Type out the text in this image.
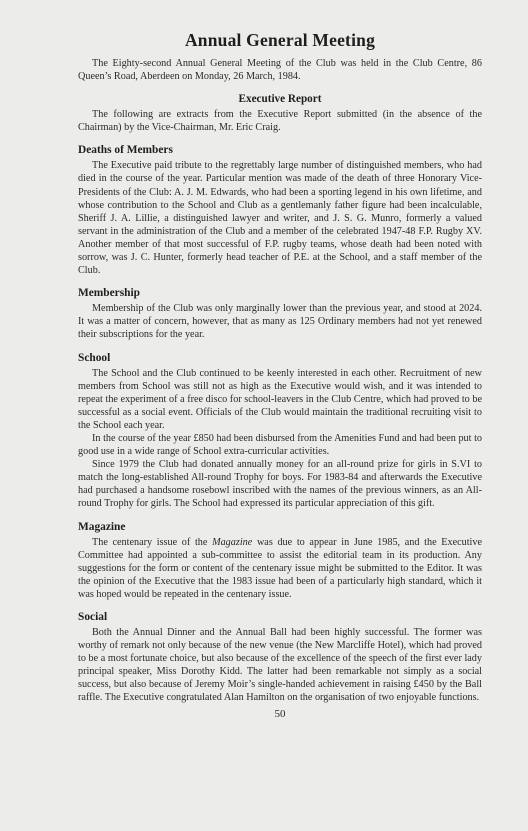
Annual General Meeting

The Eighty-second Annual General Meeting of the Club was held in the Club Centre, 86 Queen’s Road, Aberdeen on Monday, 26 March, 1984.

Executive Report

The following are extracts from the Executive Report submitted (in the absence of the Chairman) by the Vice-Chairman, Mr. Eric Craig.

Deaths of Members

The Executive paid tribute to the regrettably large number of distinguished members, who had died in the course of the year. Particular mention was made of the death of three Honorary Vice-Presidents of the Club: A. J. M. Edwards, who had been a sporting legend in his own lifetime, and whose contribution to the School and Club as a gentlemanly father figure had been incalculable, Sheriff J. A. Lillie, a distinguished lawyer and writer, and J. S. G. Munro, formerly a valued servant in the administration of the Club and a member of the celebrated 1947-48 F.P. Rugby XV. Another member of that most successful of F.P. rugby teams, whose death had been noted with sorrow, was J. C. Hunter, formerly head teacher of P.E. at the School, and a staff member of the Club.

Membership

Membership of the Club was only marginally lower than the previous year, and stood at 2024. It was a matter of concern, however, that as many as 125 Ordinary members had not yet renewed their subscriptions for the year.

School

The School and the Club continued to be keenly interested in each other. Recruitment of new members from School was still not as high as the Executive would wish, and it was intended to repeat the experiment of a free disco for school-leavers in the Club Centre, which had proved to be successful as a social event. Officials of the Club would maintain the traditional recruiting visit to the School each year.

In the course of the year £850 had been disbursed from the Amenities Fund and had been put to good use in a wide range of School extra-curricular activities.

Since 1979 the Club had donated annually money for an all-round prize for girls in S.VI to match the long-established All-round Trophy for boys. For 1983-84 and afterwards the Executive had purchased a handsome rosebowl inscribed with the names of the previous winners, as an All-round Trophy for girls. The School had expressed its particular appreciation of this gift.

Magazine

The centenary issue of the Magazine was due to appear in June 1985, and the Executive Committee had appointed a sub-committee to assist the editorial team in its production. Any suggestions for the form or content of the centenary issue might be submitted to the Editor. It was the opinion of the Executive that the 1983 issue had been of a particularly high standard, which it was hoped would be repeated in the centenary issue.

Social

Both the Annual Dinner and the Annual Ball had been highly successful. The former was worthy of remark not only because of the new venue (the New Marcliffe Hotel), which had proved to be a most fortunate choice, but also because of the excellence of the speech of the first ever lady principal speaker, Miss Dorothy Kidd. The latter had been remarkable not simply as a social success, but also because of Jeremy Moir’s single-handed achievement in raising £450 by the Ball raffle. The Executive congratulated Alan Hamilton on the organisation of two enjoyable functions.

50
